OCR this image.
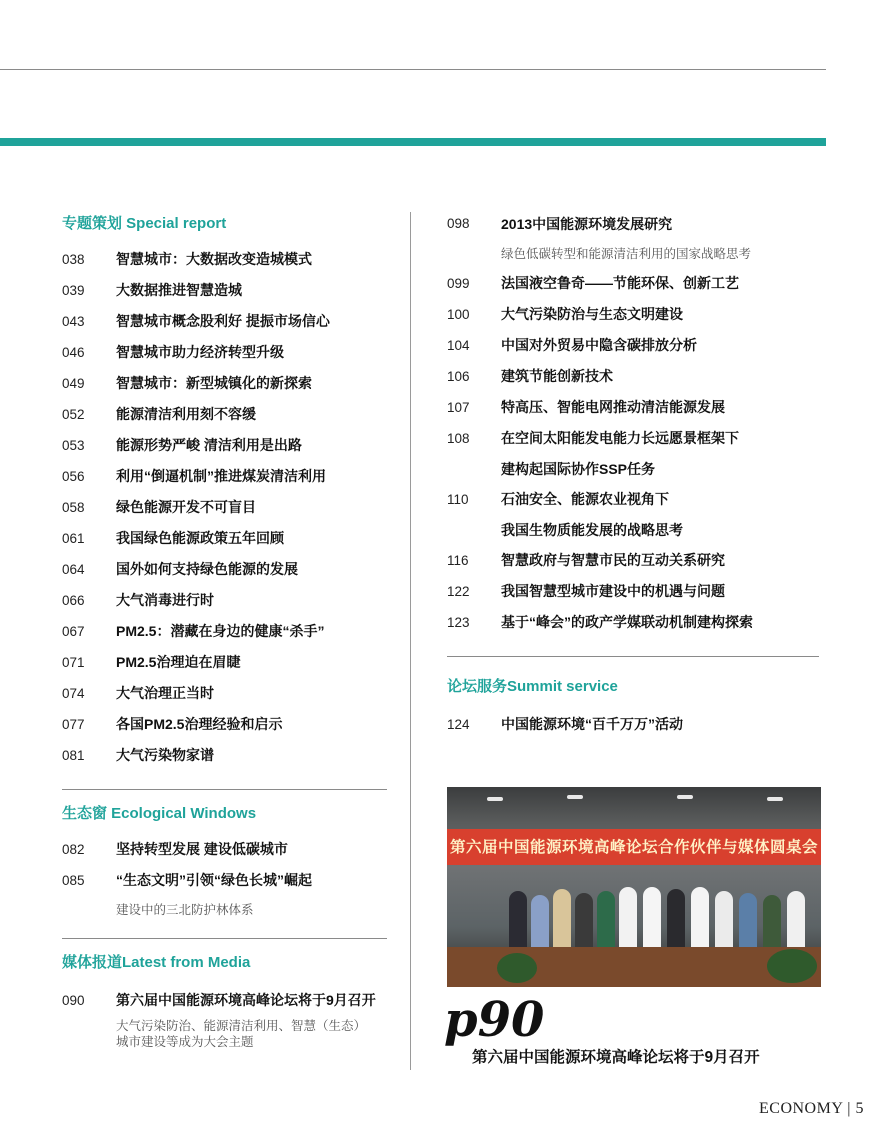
专题策划 Special report
038	智慧城市：大数据改变造城模式
039	大数据推进智慧造城
043	智慧城市概念股利好 提振市场信心
046	智慧城市助力经济转型升级
049	智慧城市：新型城镇化的新探索
052	能源清洁利用刻不容缓
053	能源形势严峻 清洁利用是出路
056	利用“倒逼机制”推进煤炭清洁利用
058	绿色能源开发不可盲目
061	我国绿色能源政策五年回顾
064	国外如何支持绿色能源的发展
066	大气消毒进行时
067	PM2.5：潜藏在身边的健康“杀手”
071	PM2.5治理迫在眉睫
074	大气治理正当时
077	各国PM2.5治理经验和启示
081	大气污染物家谱
生态窗 Ecological Windows
082	坚持转型发展 建设低碳城市
085	“生态文明”引领“绿色长城”崛起
建设中的三北防护林体系
媒体报道Latest from Media
090	第六届中国能源环境高峰论坛将于9月召开
大气污染防治、能源清洁利用、智慧（生态）
城市建设等成为大会主题
098	2013中国能源环境发展研究
绿色低碳转型和能源清洁利用的国家战略思考
099	法国液空鲁奇——节能环保、创新工艺
100	大气污染防治与生态文明建设
104	中国对外贸易中隐含碳排放分析
106	建筑节能创新技术
107	特高压、智能电网推动清洁能源发展
108	在空间太阳能发电能力长远愿景框架下
建构起国际协作SSP任务
110	石油安全、能源农业视角下
我国生物质能发展的战略思考
116	智慧政府与智慧市民的互动关系研究
122	我国智慧型城市建设中的机遇与问题
123	基于“峰会”的政产学媒联动机制建构探索
论坛服务Summit service
124	中国能源环境“百千万万”活动
第六届中国能源环境高峰论坛合作伙伴与媒体圆桌会
p90
第六届中国能源环境高峰论坛将于9月召开
ECONOMY | 5
